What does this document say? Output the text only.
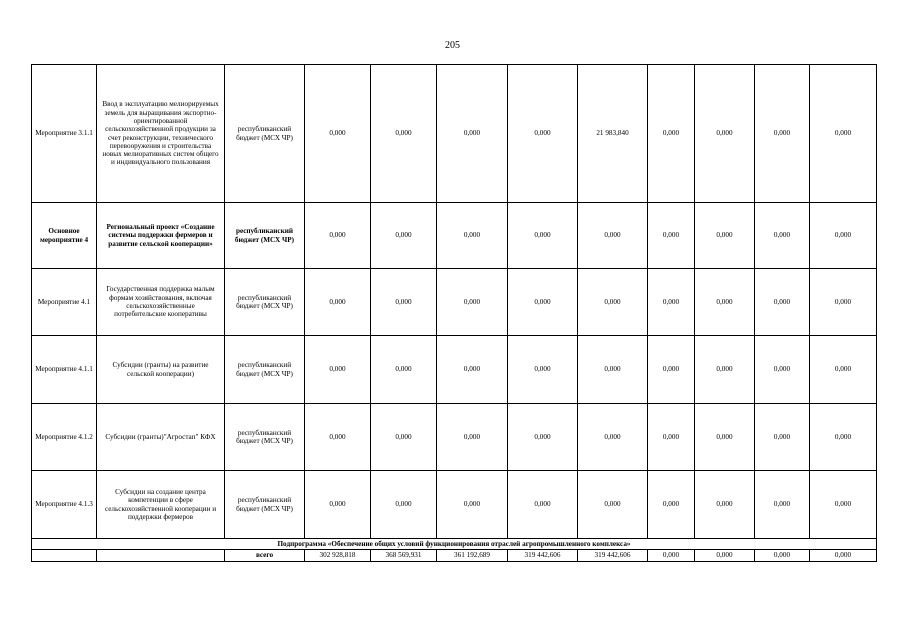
205
Мероприятие 3.1.1	Ввод в эксплуатацию мелиорируемых земель для выращивания экспортно-ориентированной сельскохозяйственной продукции за счет реконструкции, технического перевооружения и строительства новых мелиоративных систем общего и индивидуального пользования	республиканский бюджет (МСХ ЧР)	0,000	0,000	0,000	0,000	21 983,840	0,000	0,000	0,000	0,000
Основное мероприятие 4	Региональный проект «Создание системы поддержки фермеров и развитие сельской кооперации»	республиканский бюджет (МСХ ЧР)	0,000	0,000	0,000	0,000	0,000	0,000	0,000	0,000	0,000
Мероприятие 4.1	Государственная поддержка малым формам хозяйствования, включая сельскохозяйственные потребительские кооперативы	республиканский бюджет (МСХ ЧР)	0,000	0,000	0,000	0,000	0,000	0,000	0,000	0,000	0,000
Мероприятие 4.1.1	Субсидии (гранты) на развитие сельской кооперации)	республиканский бюджет (МСХ ЧР)	0,000	0,000	0,000	0,000	0,000	0,000	0,000	0,000	0,000
Мероприятие 4.1.2	Субсидии (гранты)"Агростап" КФХ	республиканский бюджет (МСХ ЧР)	0,000	0,000	0,000	0,000	0,000	0,000	0,000	0,000	0,000
Мероприятие 4.1.3	Субсидии на создание центра компетенции в сфере сельскохозяйственной кооперации и поддержки фермеров	республиканский бюджет (МСХ ЧР)	0,000	0,000	0,000	0,000	0,000	0,000	0,000	0,000	0,000
Подпрограмма «Обеспечение общих условий функционирования отраслей агропромышленного комплекса»											
		всего	302 928,818	368 569,931	361 192,689	319 442,606	319 442,606	0,000	0,000	0,000	0,000
